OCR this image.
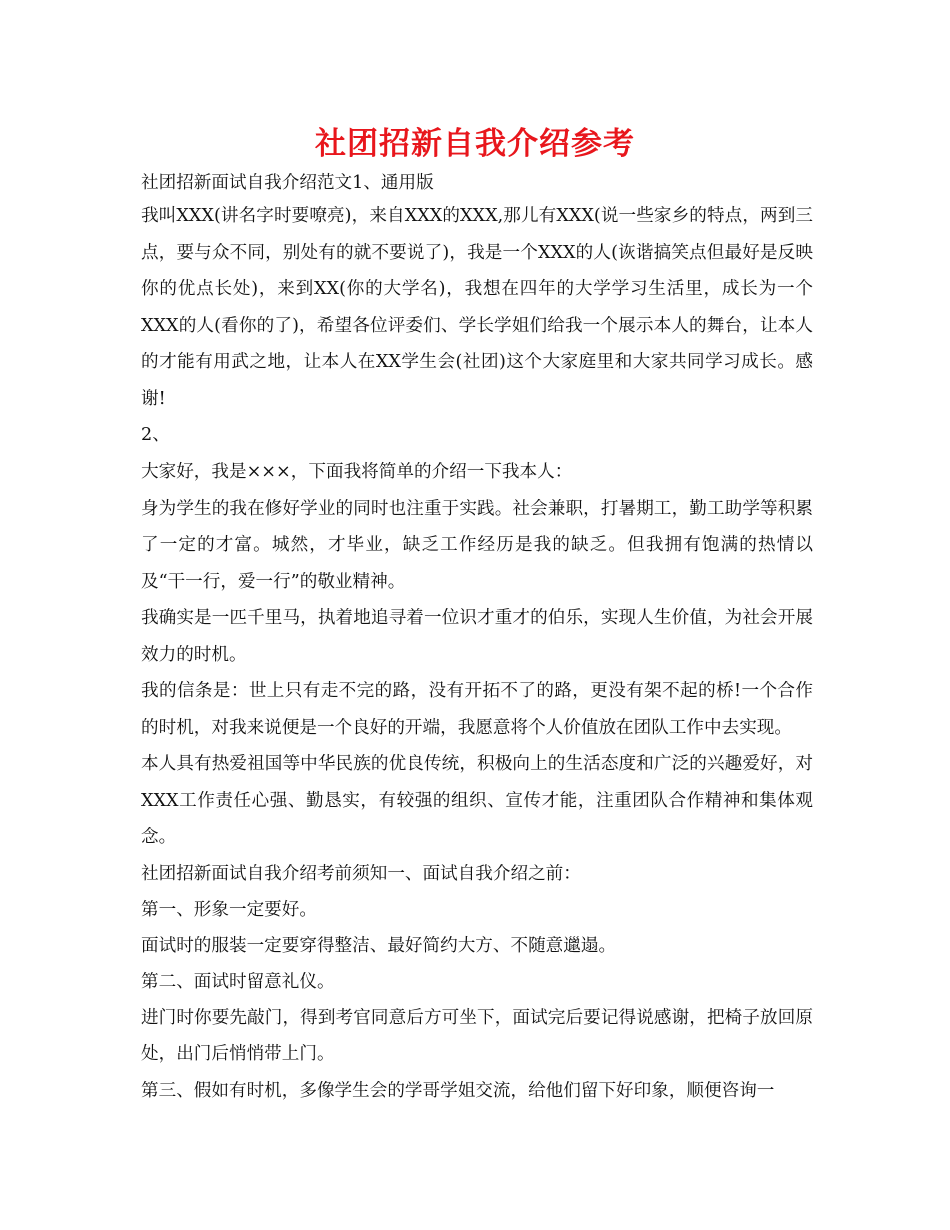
社团招新自我介绍参考

社团招新面试自我介绍范文1、通用版

我叫XXX(讲名字时要嘹亮)，来自XXX的XXX,那儿有XXX(说一些家乡的特点，两到三点，要与众不同，别处有的就不要说了)，我是一个XXX的人(诙谐搞笑点但最好是反映你的优点长处)，来到XX(你的大学名)，我想在四年的大学学习生活里，成长为一个XXX的人(看你的了)，希望各位评委们、学长学姐们给我一个展示本人的舞台，让本人的才能有用武之地，让本人在XX学生会(社团)这个大家庭里和大家共同学习成长。感谢!

2、

大家好，我是×××，下面我将简单的介绍一下我本人：

身为学生的我在修好学业的同时也注重于实践。社会兼职，打暑期工，勤工助学等积累了一定的才富。城然，才毕业，缺乏工作经历是我的缺乏。但我拥有饱满的热情以及“干一行，爱一行”的敬业精神。

我确实是一匹千里马，执着地追寻着一位识才重才的伯乐，实现人生价值，为社会开展效力的时机。

我的信条是：世上只有走不完的路，没有开拓不了的路，更没有架不起的桥!一个合作的时机，对我来说便是一个良好的开端，我愿意将个人价值放在团队工作中去实现。

本人具有热爱祖国等中华民族的优良传统，积极向上的生活态度和广泛的兴趣爱好，对XXX工作责任心强、勤恳实，有较强的组织、宣传才能，注重团队合作精神和集体观念。

社团招新面试自我介绍考前须知一、面试自我介绍之前：

第一、形象一定要好。

面试时的服装一定要穿得整洁、最好简约大方、不随意邋遢。

第二、面试时留意礼仪。

进门时你要先敲门，得到考官同意后方可坐下，面试完后要记得说感谢，把椅子放回原处，出门后悄悄带上门。

第三、假如有时机，多像学生会的学哥学姐交流，给他们留下好印象，顺便咨询一
